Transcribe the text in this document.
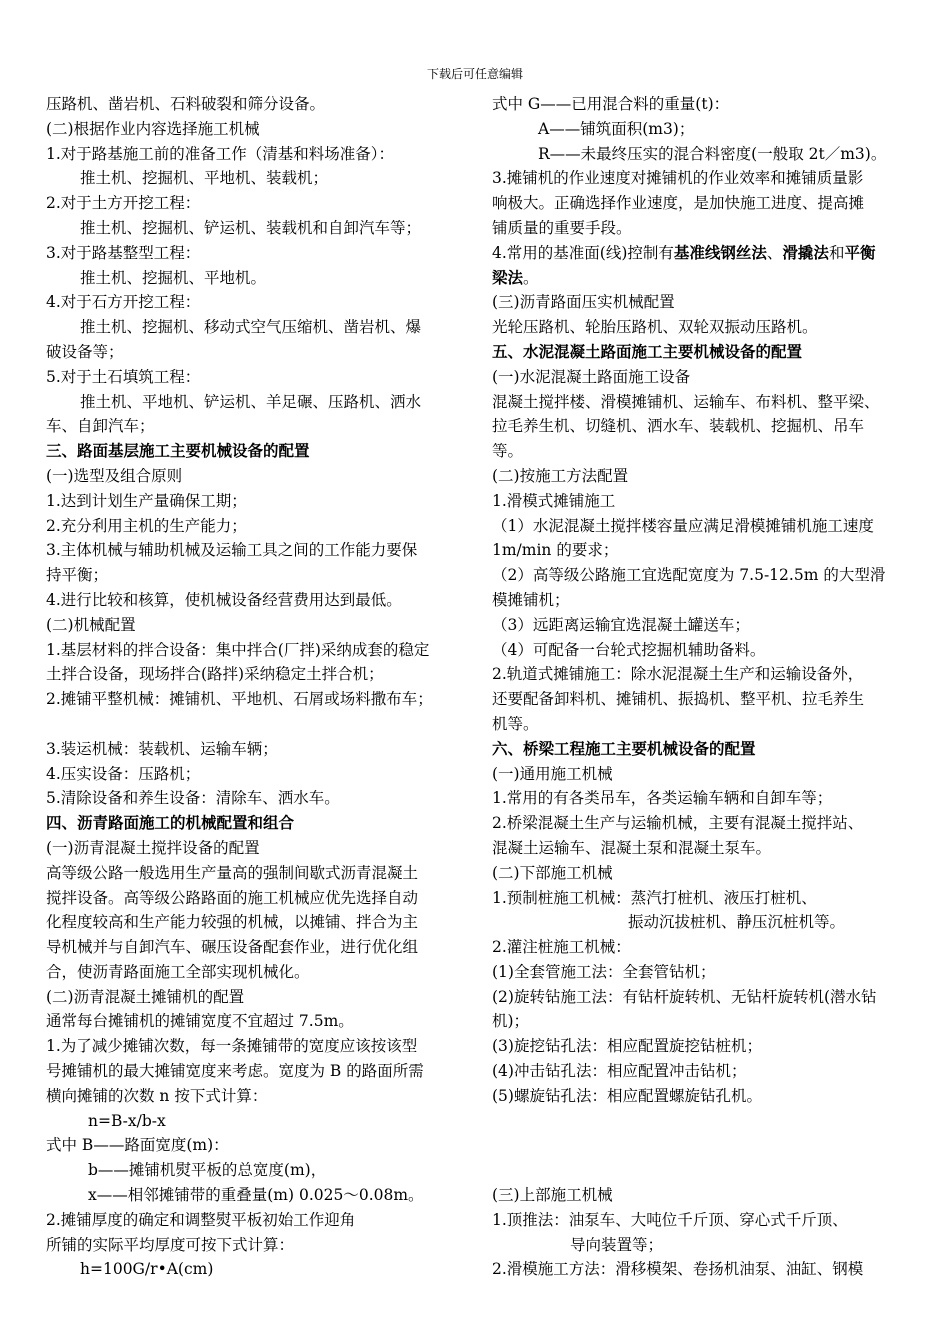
下载后可任意编辑
压路机、凿岩机、石料破裂和筛分设备。
(二)根据作业内容选择施工机械
1.对于路基施工前的准备工作（清基和料场准备）：
推土机、挖掘机、平地机、装载机；
2.对于土方开挖工程：
推土机、挖掘机、铲运机、装载机和自卸汽车等；
3.对于路基整型工程：
推土机、挖掘机、平地机。
4.对于石方开挖工程：
推土机、挖掘机、移动式空气压缩机、凿岩机、爆
破设备等；
5.对于土石填筑工程：
推土机、平地机、铲运机、羊足碾、压路机、洒水
车、自卸汽车；
三、路面基层施工主要机械设备的配置
(一)选型及组合原则
1.达到计划生产量确保工期；
2.充分利用主机的生产能力；
3.主体机械与辅助机械及运输工具之间的工作能力要保
持平衡；
4.进行比较和核算，使机械设备经营费用达到最低。
(二)机械配置
1.基层材料的拌合设备：集中拌合(厂拌)采纳成套的稳定
土拌合设备，现场拌合(路拌)采纳稳定土拌合机；
2.摊铺平整机械：摊铺机、平地机、石屑或场料撒布车；
3.装运机械：装载机、运输车辆；
4.压实设备：压路机；
5.清除设备和养生设备：清除车、洒水车。
四、沥青路面施工的机械配置和组合
(一)沥青混凝土搅拌设备的配置
高等级公路一般选用生产量高的强制间歇式沥青混凝土
搅拌设备。高等级公路路面的施工机械应优先选择自动
化程度较高和生产能力较强的机械，以摊铺、拌合为主
导机械并与自卸汽车、碾压设备配套作业，进行优化组
合，使沥青路面施工全部实现机械化。
(二)沥青混凝土摊铺机的配置
通常每台摊铺机的摊铺宽度不宜超过 7.5m。
1.为了减少摊铺次数，每一条摊铺带的宽度应该按该型
号摊铺机的最大摊铺宽度来考虑。宽度为 B 的路面所需
横向摊铺的次数 n 按下式计算：
n=B-x/b-x
式中 B——路面宽度(m)：
b——摊铺机熨平板的总宽度(m)，
x——相邻摊铺带的重叠量(m) 0.025～0.08m。
2.摊铺厚度的确定和调整熨平板初始工作迎角
所铺的实际平均厚度可按下式计算：
h=100G/r•A(cm)
式中 G——已用混合料的重量(t)：
A——铺筑面积(m3)；
R——未最终压实的混合料密度(一般取 2t／m3)。
3.摊铺机的作业速度对摊铺机的作业效率和摊铺质量影
响极大。正确选择作业速度，是加快施工进度、提高摊
铺质量的重要手段。
4.常用的基准面(线)控制有基准线钢丝法、滑撬法和平衡
梁法。
(三)沥青路面压实机械配置
光轮压路机、轮胎压路机、双轮双振动压路机。
五、水泥混凝土路面施工主要机械设备的配置
(一)水泥混凝土路面施工设备
混凝土搅拌楼、滑模摊铺机、运输车、布料机、整平梁、
拉毛养生机、切缝机、洒水车、装载机、挖掘机、吊车
等。
(二)按施工方法配置
1.滑模式摊铺施工
（1）水泥混凝土搅拌楼容量应满足滑模摊铺机施工速度
1m/min 的要求；
（2）高等级公路施工宜选配宽度为 7.5-12.5m 的大型滑
模摊铺机；
（3）远距离运输宜选混凝土罐送车；
（4）可配备一台轮式挖掘机辅助备料。
2.轨道式摊铺施工：除水泥混凝土生产和运输设备外，
还要配备卸料机、摊铺机、振捣机、整平机、拉毛养生
机等。
六、桥梁工程施工主要机械设备的配置
(一)通用施工机械
1.常用的有各类吊车，各类运输车辆和自卸车等；
2.桥梁混凝土生产与运输机械，主要有混凝土搅拌站、
混凝土运输车、混凝土泵和混凝土泵车。
(二)下部施工机械
1.预制桩施工机械：蒸汽打桩机、液压打桩机、
振动沉拔桩机、静压沉桩机等。
2.灌注桩施工机械：
(1)全套管施工法：全套管钻机；
(2)旋转钻施工法：有钻杆旋转机、无钻杆旋转机(潜水钻
机)；
(3)旋挖钻孔法：相应配置旋挖钻桩机；
(4)冲击钻孔法：相应配置冲击钻机；
(5)螺旋钻孔法：相应配置螺旋钻孔机。
(三)上部施工机械
1.顶推法：油泵车、大吨位千斤顶、穿心式千斤顶、
导向装置等；
2.滑模施工方法：滑移模架、卷扬机油泵、油缸、钢模
